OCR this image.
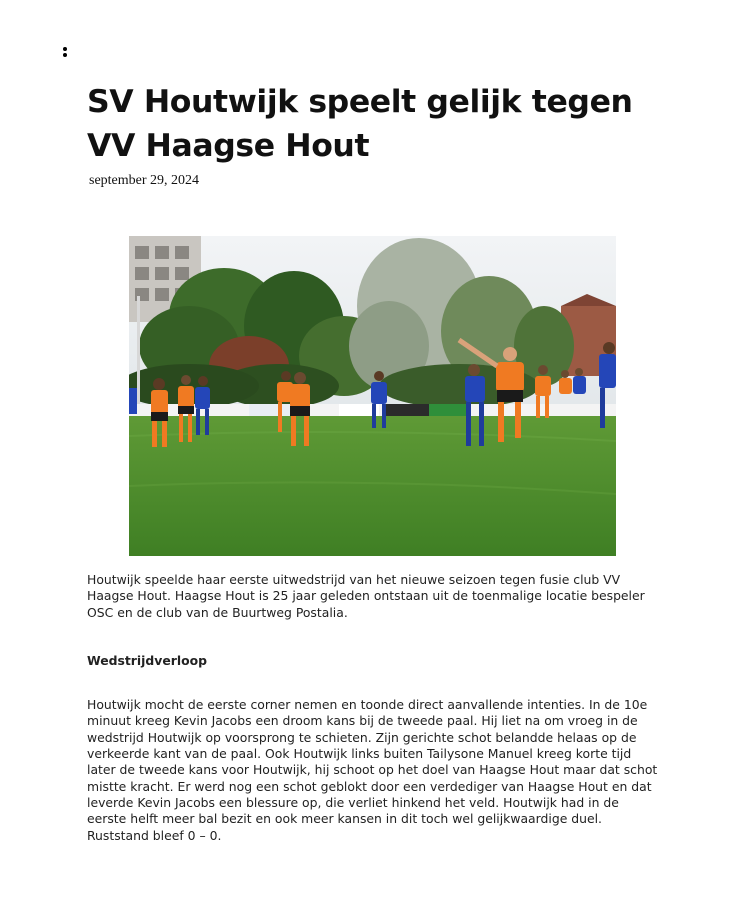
SV Houtwijk speelt gelijk tegen VV Haagse Hout
september 29, 2024

Houtwijk speelde haar eerste uitwedstrijd van het nieuwe seizoen tegen fusie club VV Haagse Hout. Haagse Hout is 25 jaar geleden ontstaan uit de toenmalige locatie bespeler OSC en de club van de Buurtweg Postalia.

Wedstrijdverloop

Houtwijk mocht de eerste corner nemen en toonde direct aanvallende intenties. In de 10e minuut kreeg Kevin Jacobs een droom kans bij de tweede paal. Hij liet na om vroeg in de wedstrijd Houtwijk op voorsprong te schieten. Zijn gerichte schot belandde helaas op de verkeerde kant van de paal. Ook Houtwijk links buiten Tailysone Manuel kreeg korte tijd later de tweede kans voor Houtwijk, hij schoot op het doel van Haagse Hout maar dat schot mistte kracht. Er werd nog een schot geblokt door een verdediger van Haagse Hout en dat leverde Kevin Jacobs een blessure op, die verliet hinkend het veld. Houtwijk had in de eerste helft meer bal bezit en ook meer kansen in dit toch wel gelijkwaardige duel. Ruststand bleef 0 – 0.
